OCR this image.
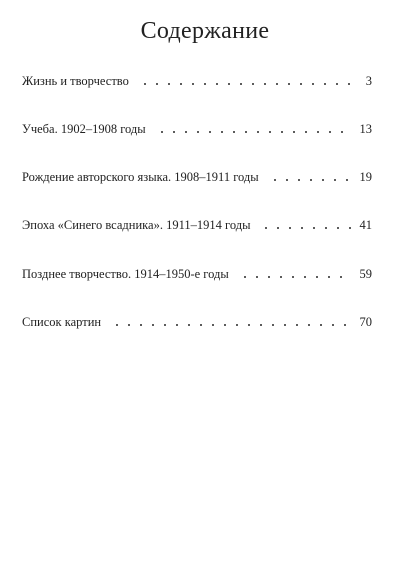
Содержание
Жизнь и творчество	3
Учеба. 1902–1908 годы	13
Рождение авторского языка. 1908–1911 годы	19
Эпоха «Синего всадника». 1911–1914 годы	41
Позднее творчество. 1914–1950-е годы	59
Список картин	70
